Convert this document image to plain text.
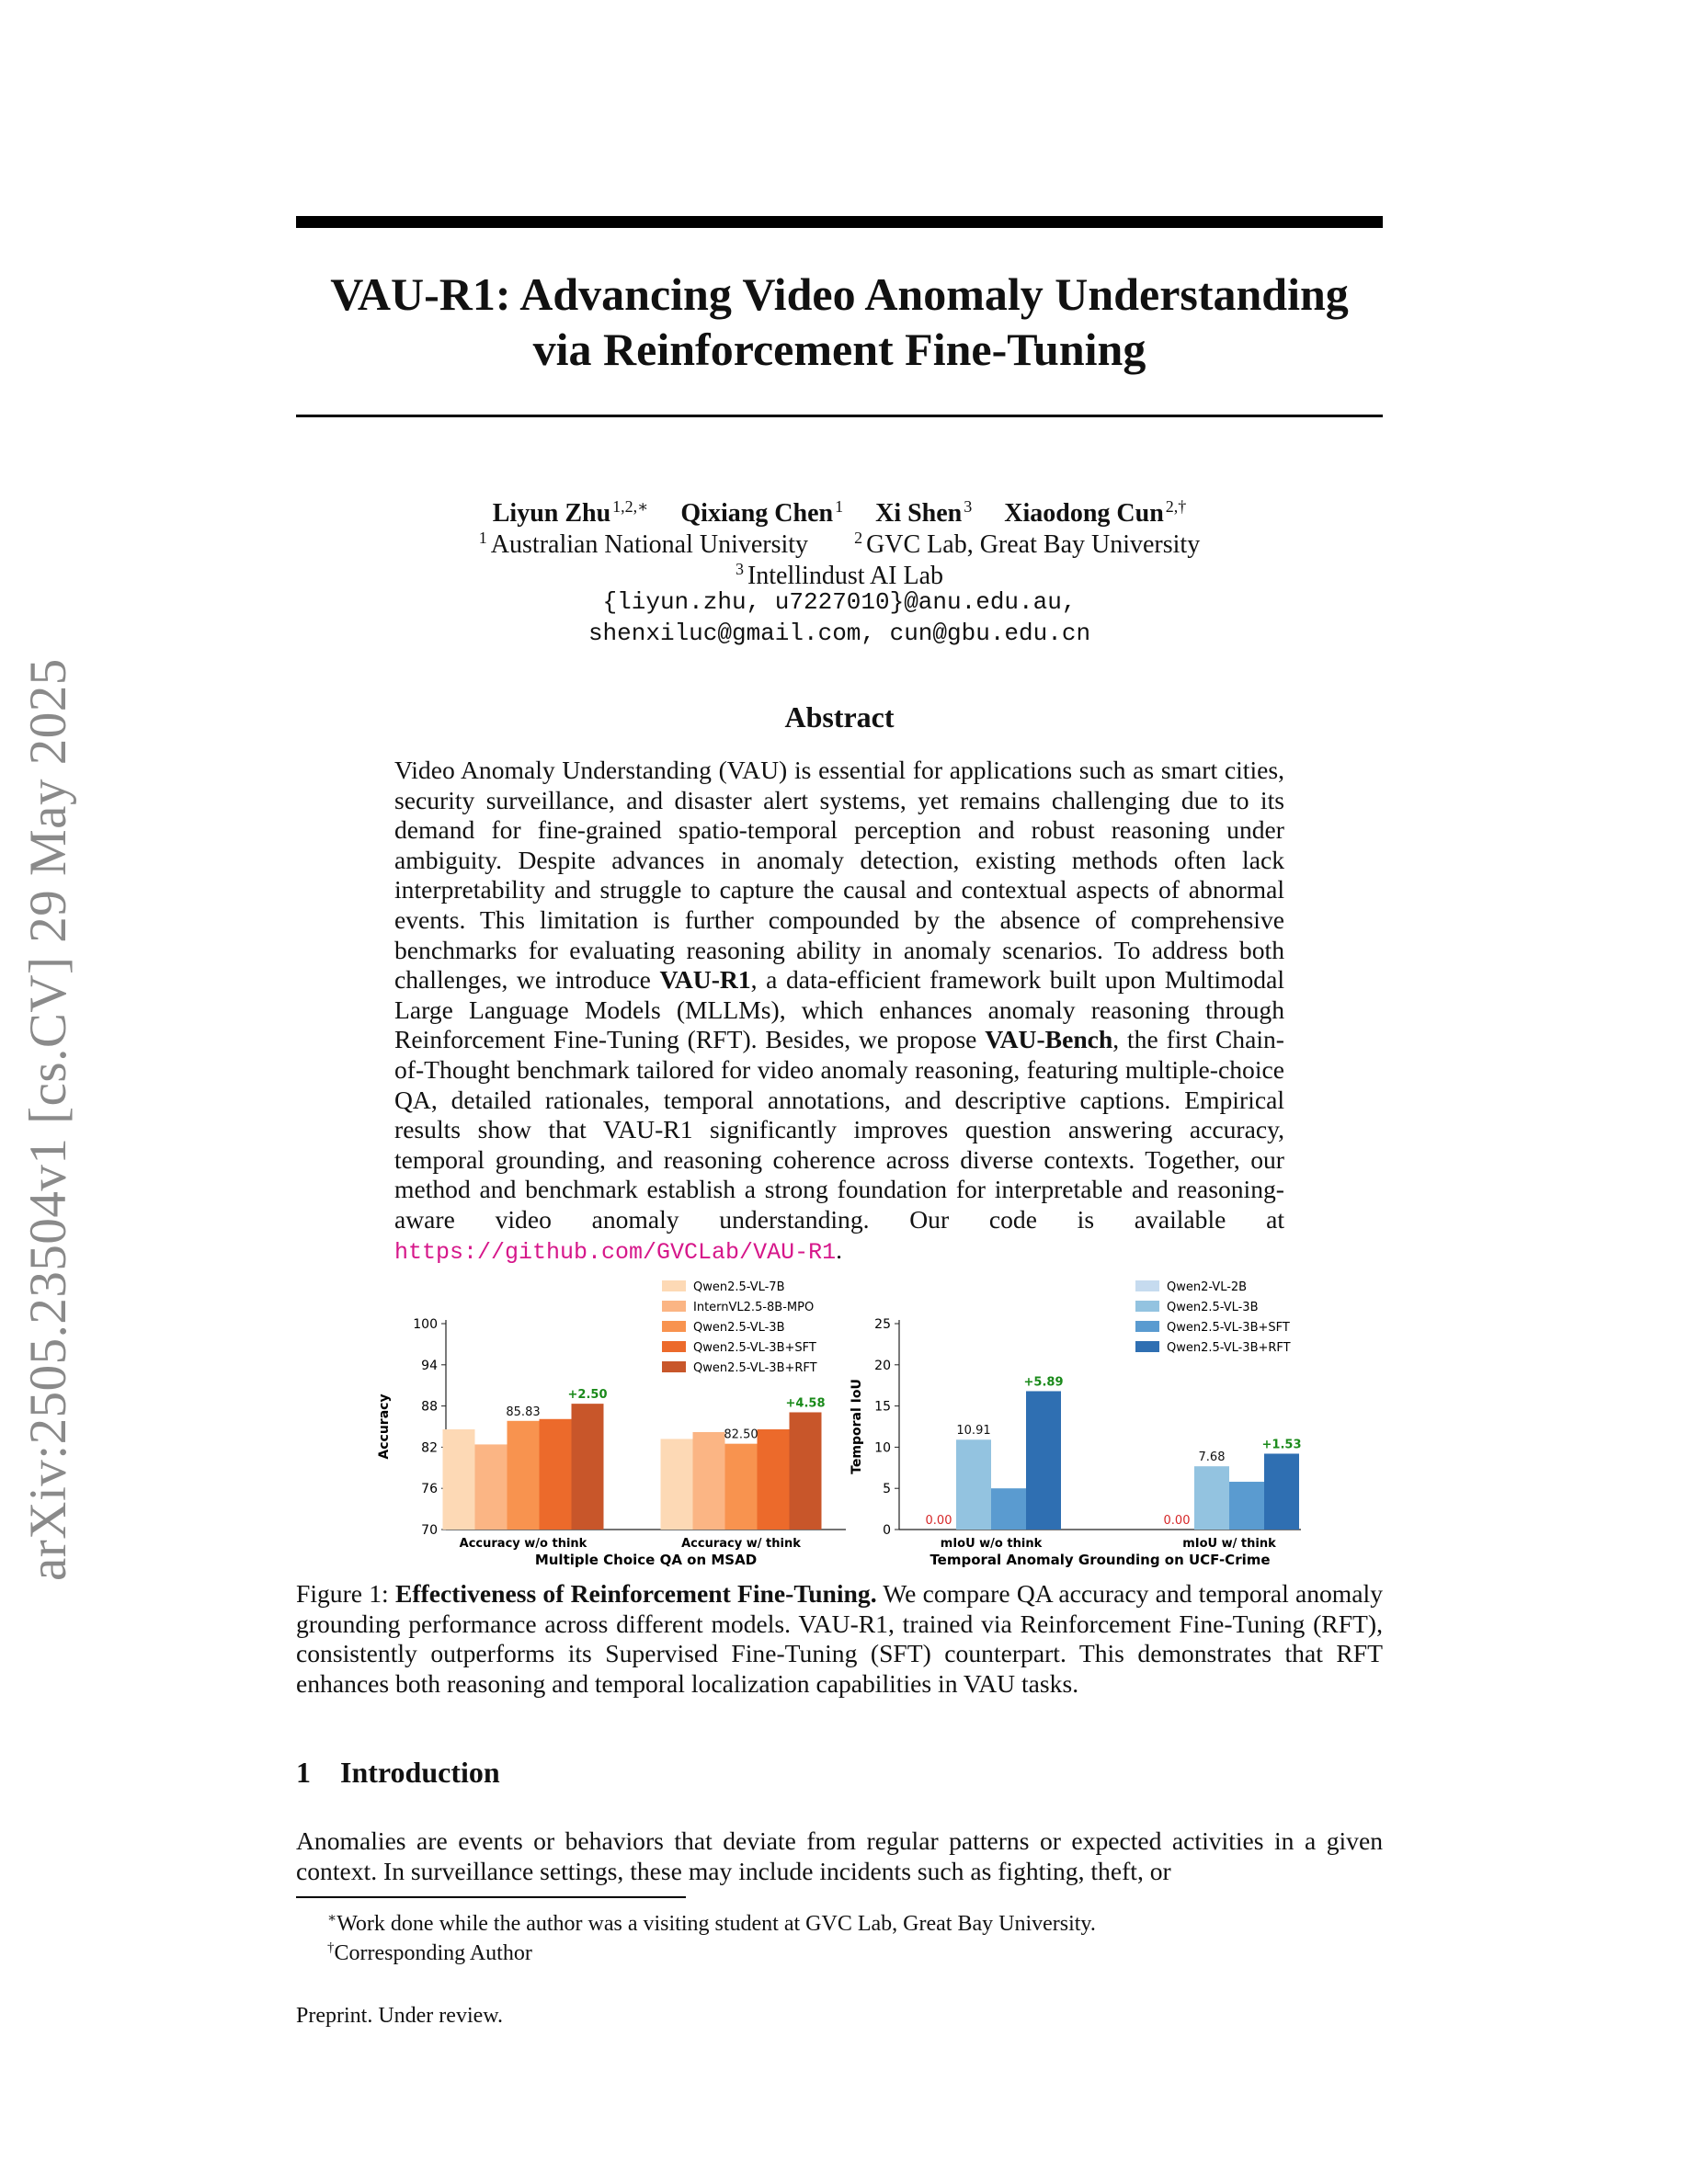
arXiv:2505.23504v1 [cs.CV] 29 May 2025
VAU-R1: Advancing Video Anomaly Understanding
via Reinforcement Fine-Tuning
Liyun Zhu $^{1,2,∗}$ Qixiang Chen $^1$ Xi Shen $^3$ Xiaodong Cun $^{2,\dagger}$
$^1$ Australian National University	$^2$ GVC Lab, Great Bay University
$^3$ Intellindust AI Lab
{liyun.zhu, u7227010}@anu.edu.au,
shenxiluc@gmail.com, cun@gbu.edu.cn
Abstract
Video Anomaly Understanding (VAU) is essential for applications such as smart cities, security surveillance, and disaster alert systems, yet remains challenging due to its demand for fine-grained spatio-temporal perception and robust reasoning under ambiguity. Despite advances in anomaly detection, existing methods often lack interpretability and struggle to capture the causal and contextual aspects of abnormal events. This limitation is further compounded by the absence of comprehensive benchmarks for evaluating reasoning ability in anomaly scenarios. To address both challenges, we introduce VAU-R1, a data-efficient framework built upon Multimodal Large Language Models (MLLMs), which enhances anomaly reasoning through Reinforcement Fine-Tuning (RFT). Besides, we propose VAU-Bench, the first Chain-of-Thought benchmark tailored for video anomaly reasoning, featuring multiple-choice QA, detailed rationales, temporal annotations, and descriptive captions. Empirical results show that VAU-R1 significantly improves question answering accuracy, temporal grounding, and reasoning coherence across diverse contexts. Together, our method and benchmark establish a strong foundation for interpretable and reasoning-aware video anomaly understanding. Our code is available at https://github.com/GVCLab/VAU-R1.
70
76
82
88
94
100
Accuracy
Accuracy w/o think	Accuracy w/ think
85.83
+2.50
82.50
+4.58
Multiple Choice QA on MSAD
Qwen2.5-VL-7B
InternVL2.5-8B-MPO
Qwen2.5-VL-3B
Qwen2.5-VL-3B+SFT
Qwen2.5-VL-3B+RFT
0
5
10
15
20
25
Temporal IoU
mIoU w/o think	mIoU w/ think
0.00
10.91
+5.89
0.00
7.68
+1.53
Temporal Anomaly Grounding on UCF-Crime
Qwen2-VL-2B
Qwen2.5-VL-3B
Qwen2.5-VL-3B+SFT
Qwen2.5-VL-3B+RFT
Figure 1: Effectiveness of Reinforcement Fine-Tuning. We compare QA accuracy and temporal anomaly grounding performance across different models. VAU-R1, trained via Reinforcement Fine-Tuning (RFT), consistently outperforms its Supervised Fine-Tuning (SFT) counterpart. This demonstrates that RFT enhances both reasoning and temporal localization capabilities in VAU tasks.
1 Introduction
Anomalies are events or behaviors that deviate from regular patterns or expected activities in a given context. In surveillance settings, these may include incidents such as fighting, theft, or
∗Work done while the author was a visiting student at GVC Lab, Great Bay University.
†Corresponding Author
Preprint. Under review.
